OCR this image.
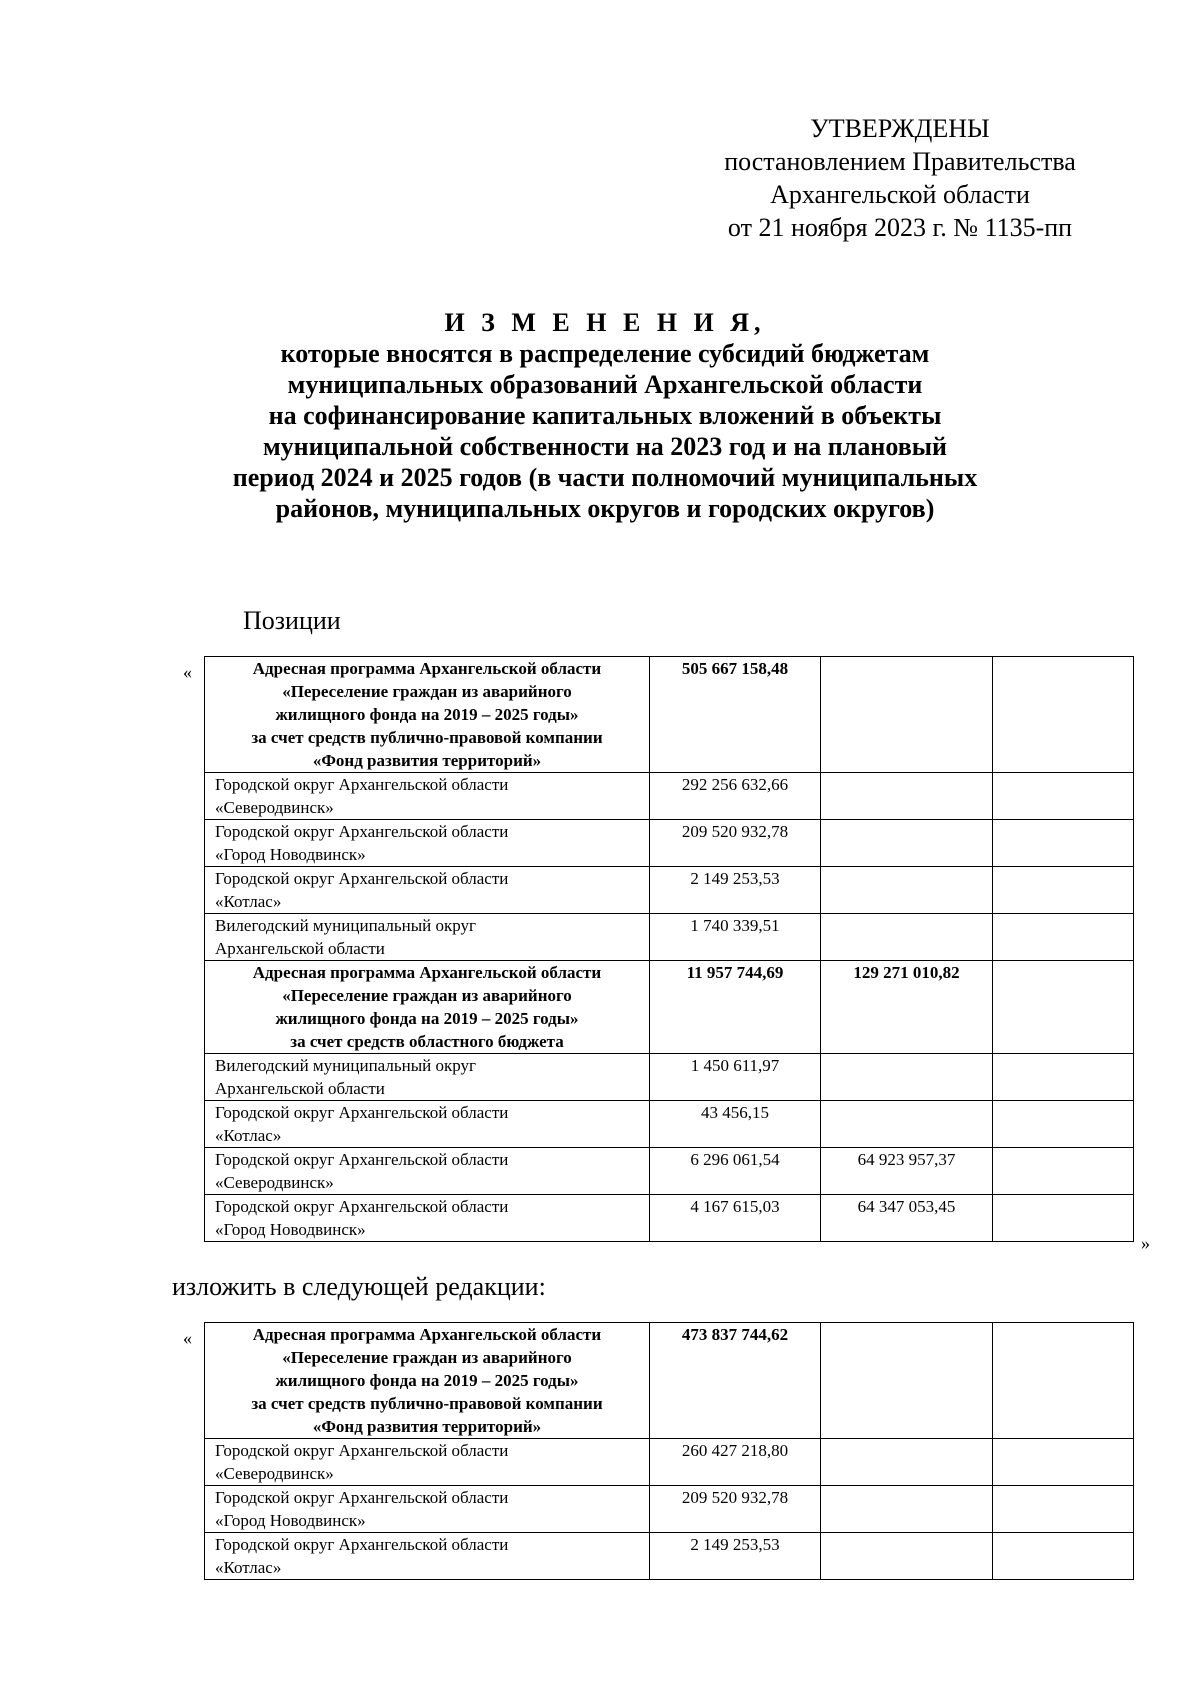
УТВЕРЖДЕНЫ
постановлением Правительства
Архангельской области
от 21 ноября 2023 г. № 1135-пп
И З М Е Н Е Н И Я,
которые вносятся в распределение субсидий бюджетам
муниципальных образований Архангельской области
на софинансирование капитальных вложений в объекты
муниципальной собственности на 2023 год и на плановый
период 2024 и 2025 годов (в части полномочий муниципальных
районов, муниципальных округов и городских округов)
Позиции
«	Адресная программа Архангельской области
«Переселение граждан из аварийного
жилищного фонда на 2019 – 2025 годы»
за счет средств публично-правовой компании
«Фонд развития территорий»	505 667 158,48		
Городской округ Архангельской области
«Северодвинск»	292 256 632,66		
Городской округ Архангельской области
«Город Новодвинск»	209 520 932,78		
Городской округ Архангельской области
«Котлас»	2 149 253,53		
Вилегодский муниципальный округ
Архангельской области	1 740 339,51		
Адресная программа Архангельской области
«Переселение граждан из аварийного
жилищного фонда на 2019 – 2025 годы»
за счет средств областного бюджета	11 957 744,69	129 271 010,82	
Вилегодский муниципальный округ
Архангельской области	1 450 611,97		
Городской округ Архангельской области
«Котлас»	43 456,15		
Городской округ Архангельской области
«Северодвинск»	6 296 061,54	64 923 957,37	
Городской округ Архангельской области
«Город Новодвинск»	4 167 615,03	64 347 053,45	
»
изложить в следующей редакции:
«	Адресная программа Архангельской области
«Переселение граждан из аварийного
жилищного фонда на 2019 – 2025 годы»
за счет средств публично-правовой компании
«Фонд развития территорий»	473 837 744,62		
Городской округ Архангельской области
«Северодвинск»	260 427 218,80		
Городской округ Архангельской области
«Город Новодвинск»	209 520 932,78		
Городской округ Архангельской области
«Котлас»	2 149 253,53		
